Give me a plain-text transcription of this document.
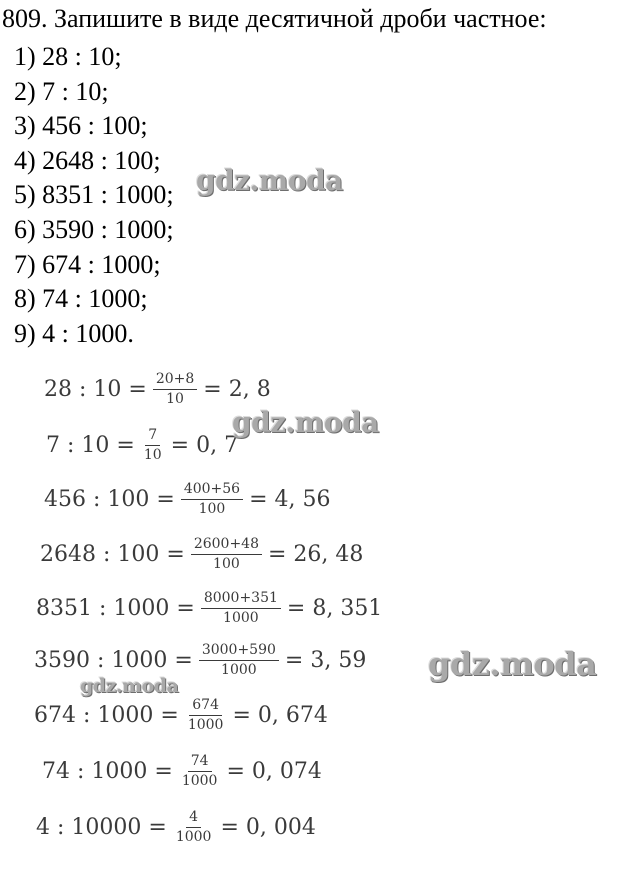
809. Запишите в виде десятичной дроби частное:
1) 28 : 10;
2) 7 : 10;
3) 456 : 100;
4) 2648 : 100;
5) 8351 : 1000;
6) 3590 : 1000;
7) 674 : 1000;
8) 74 : 1000;
9) 4 : 1000.
28 : $10 = \frac{20+8}{10} = 2$, 8
7 : $10 = \frac{7}{10} = 0$, 7
456 : $100 = \frac{400+56}{100} = 4$, 56
2648 : $100 = \frac{2600+48}{100} = 26$, 48
8351 : $1000 = \frac{8000+351}{1000} = 8$, 351
3590 : $1000 = \frac{3000+590}{1000} = 3$, 59
674 : $1000 = \frac{674}{1000} = 0$, 674
74 : $1000 = \frac{74}{1000} = 0$, 074
4 : $10000 = \frac{4}{1000} = 0$, 004
gdz.moda
gdz.moda
gdz.moda
gdz.moda
